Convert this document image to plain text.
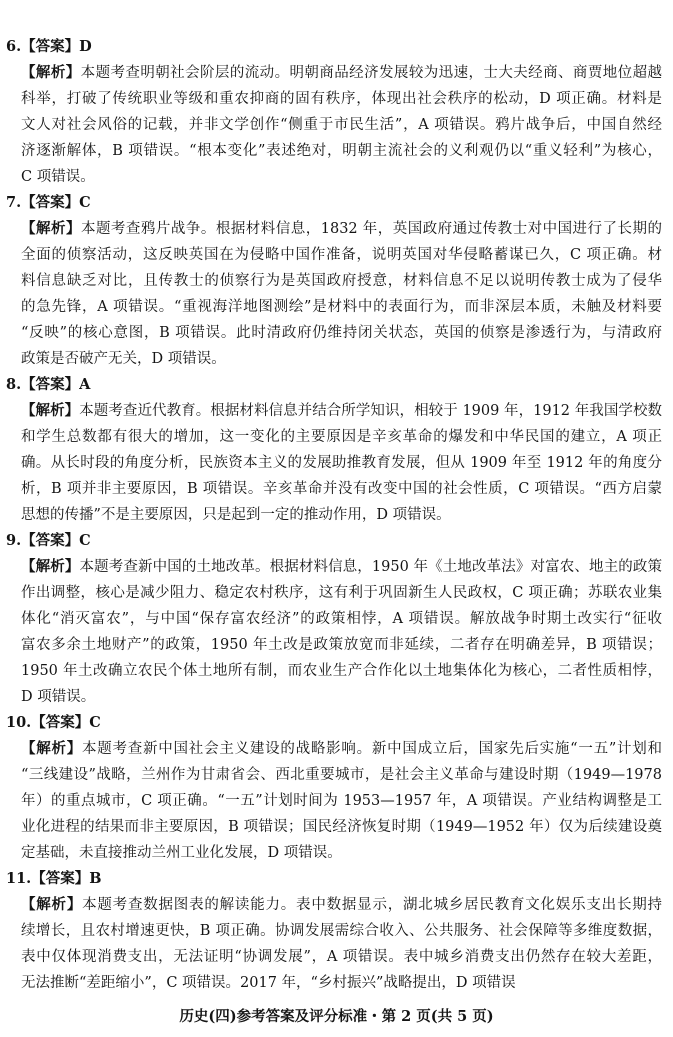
6.【答案】D
【解析】本题考查明朝社会阶层的流动。明朝商品经济发展较为迅速，士大夫经商、商贾地位超越
科举，打破了传统职业等级和重农抑商的固有秩序，体现出社会秩序的松动，D 项正确。材料是
文人对社会风俗的记载，并非文学创作“侧重于市民生活”，A 项错误。鸦片战争后，中国自然经
济逐渐解体，B 项错误。“根本变化”表述绝对，明朝主流社会的义利观仍以“重义轻利”为核心，
C 项错误。
7.【答案】C
【解析】本题考查鸦片战争。根据材料信息，1832 年，英国政府通过传教士对中国进行了长期的
全面的侦察活动，这反映英国在为侵略中国作准备，说明英国对华侵略蓄谋已久，C 项正确。材
料信息缺乏对比，且传教士的侦察行为是英国政府授意，材料信息不足以说明传教士成为了侵华
的急先锋，A 项错误。“重视海洋地图测绘”是材料中的表面行为，而非深层本质，未触及材料要
“反映”的核心意图，B 项错误。此时清政府仍维持闭关状态，英国的侦察是渗透行为，与清政府
政策是否破产无关，D 项错误。
8.【答案】A
【解析】本题考查近代教育。根据材料信息并结合所学知识，相较于 1909 年，1912 年我国学校数
和学生总数都有很大的增加，这一变化的主要原因是辛亥革命的爆发和中华民国的建立，A 项正
确。从长时段的角度分析，民族资本主义的发展助推教育发展，但从 1909 年至 1912 年的角度分
析，B 项并非主要原因，B 项错误。辛亥革命并没有改变中国的社会性质，C 项错误。“西方启蒙
思想的传播”不是主要原因，只是起到一定的推动作用，D 项错误。
9.【答案】C
【解析】本题考查新中国的土地改革。根据材料信息，1950 年《土地改革法》对富农、地主的政策
作出调整，核心是减少阻力、稳定农村秩序，这有利于巩固新生人民政权，C 项正确；苏联农业集
体化“消灭富农”，与中国“保存富农经济”的政策相悖，A 项错误。解放战争时期土改实行“征收
富农多余土地财产”的政策，1950 年土改是政策放宽而非延续，二者存在明确差异，B 项错误；
1950 年土改确立农民个体土地所有制，而农业生产合作化以土地集体化为核心，二者性质相悖，
D 项错误。
10.【答案】C
【解析】本题考查新中国社会主义建设的战略影响。新中国成立后，国家先后实施“一五”计划和
“三线建设”战略，兰州作为甘肃省会、西北重要城市，是社会主义革命与建设时期（1949—1978
年）的重点城市，C 项正确。“一五”计划时间为 1953—1957 年，A 项错误。产业结构调整是工
业化进程的结果而非主要原因，B 项错误；国民经济恢复时期（1949—1952 年）仅为后续建设奠
定基础，未直接推动兰州工业化发展，D 项错误。
11.【答案】B
【解析】本题考查数据图表的解读能力。表中数据显示，湖北城乡居民教育文化娱乐支出长期持
续增长，且农村增速更快，B 项正确。协调发展需综合收入、公共服务、社会保障等多维度数据，
表中仅体现消费支出，无法证明“协调发展”，A 项错误。表中城乡消费支出仍然存在较大差距，
无法推断“差距缩小”，C 项错误。2017 年，“乡村振兴”战略提出，D 项错误
历史(四)参考答案及评分标准・第 2 页(共 5 页)
